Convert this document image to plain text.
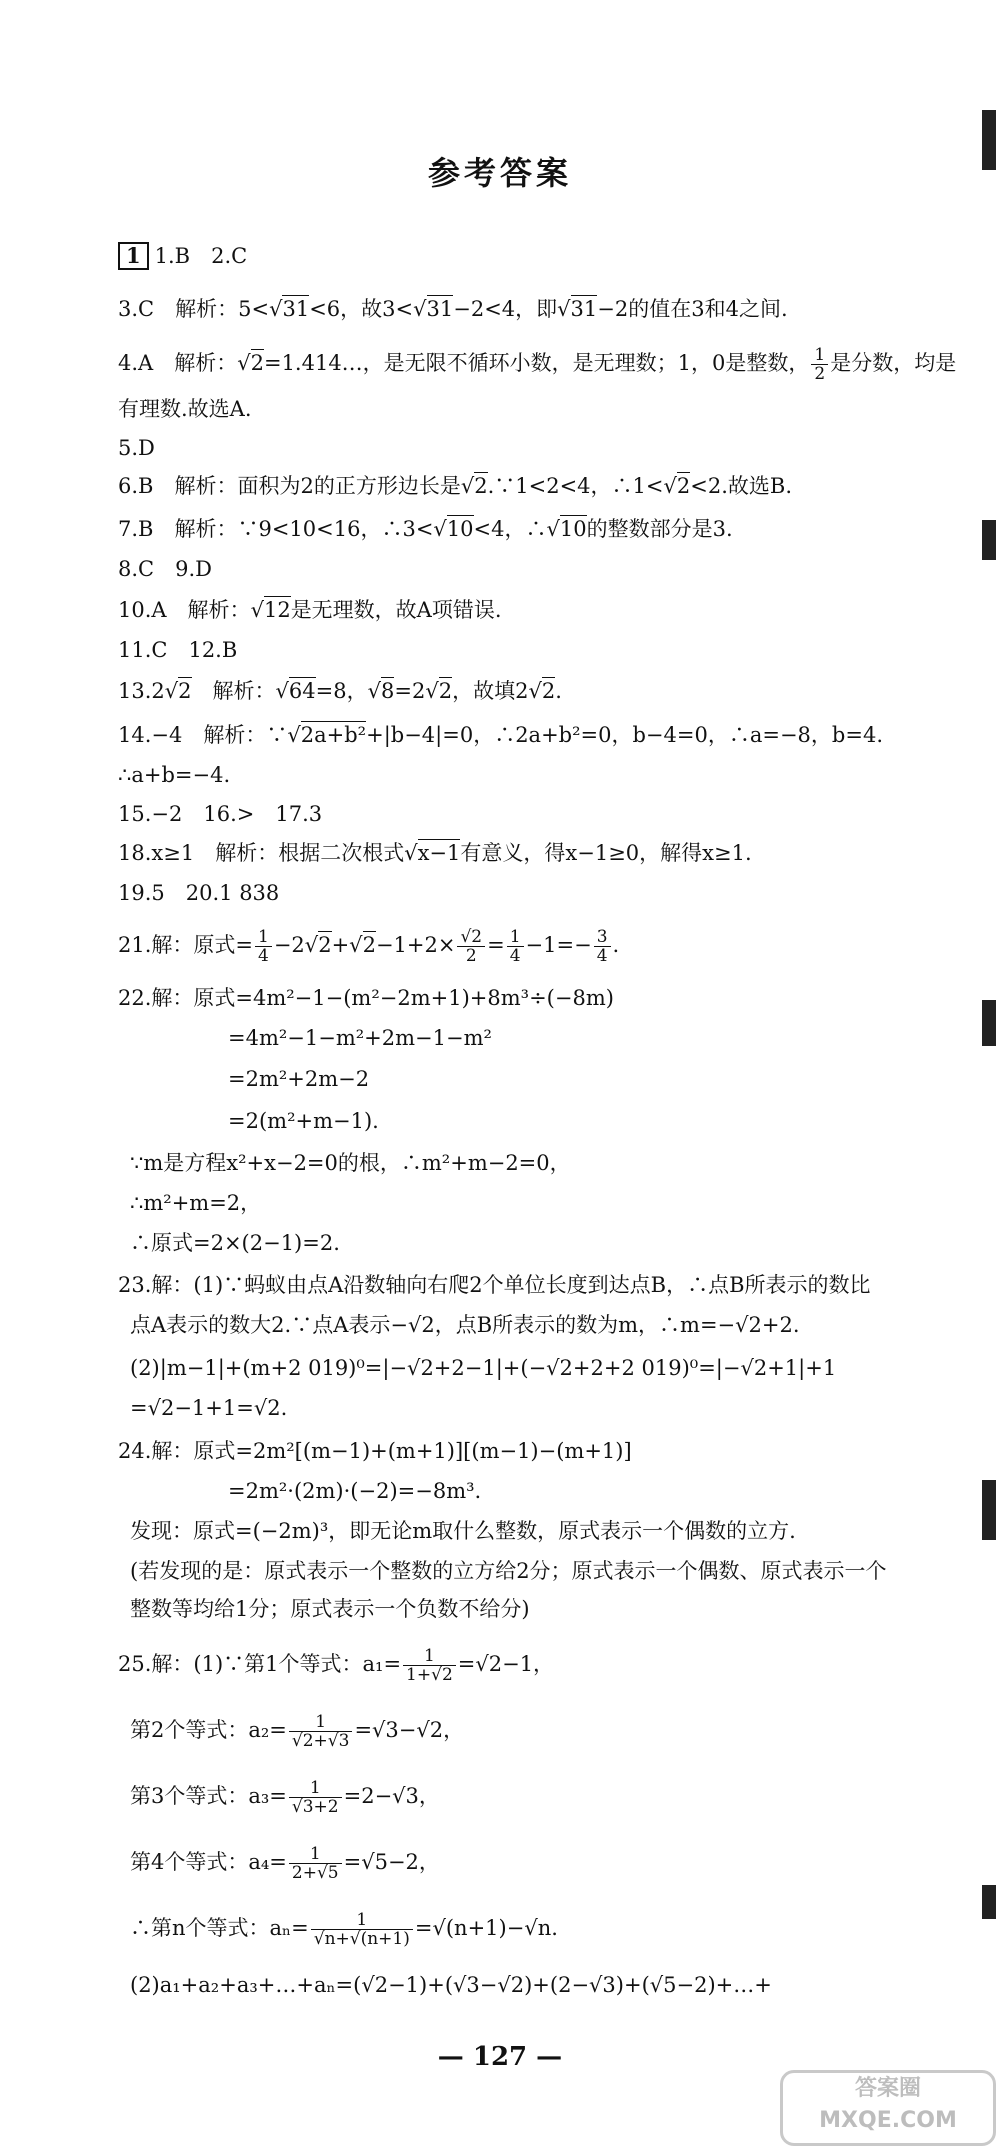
参考答案
1 1.B　2.C
3.C　解析：5<√ 31<6，故3<√ 31−2<4，即√ 31−2的值在3和4之间.
4.A　解析：√ 2=1.414…，是无限不循环小数，是无理数；1，0是整数， $\frac{1}{2}$ 是分数，均是
有理数.故选A.
5.D
6.B　解析：面积为2的正方形边长是√ 2.∵1<2<4，∴1<√ 2<2.故选B.
7.B　解析：∵9<10<16，∴3<√ 10<4，∴√ 10的整数部分是3.
8.C　9.D
10.A　解析：√ 12是无理数，故A项错误.
11.C　12.B
13.2√ 2　解析：√ 64=8，√ 8=2√ 2，故填2√ 2.
14.−4　解析：∵√ 2a+b²+|b−4|=0，∴2a+b²=0，b−4=0，∴a=−8，b=4.
∴a+b=−4.
15.−2　16.>　17.3
18.x≥1　解析：根据二次根式√ x−1有意义，得x−1≥0，解得x≥1.
19.5　20.1 838
21.解：原式= $\frac{1}{4} -2√$ 2+√ $2-1+2\times \frac{√2}{2} = \frac{1}{4} -1=- \frac{3}{4}$ .
22.解：原式=4m²−1−(m²−2m+1)+8m³÷(−8m)
=4m²−1−m²+2m−1−m²
=2m²+2m−2
=2(m²+m−1).
∵m是方程x²+x−2=0的根，∴m²+m−2=0，
∴m²+m=2，
∴原式=2×(2−1)=2.
23.解：(1)∵蚂蚁由点A沿数轴向右爬2个单位长度到达点B，∴点B所表示的数比
点A表示的数大2.∵点A表示−√2，点B所表示的数为m，∴m=−√2+2.
(2)|m−1|+(m+2 019)⁰=|−√2+2−1|+(−√2+2+2 019)⁰=|−√2+1|+1
=√2−1+1=√2.
24.解：原式=2m²[(m−1)+(m+1)][(m−1)−(m+1)]
=2m²·(2m)·(−2)=−8m³.
发现：原式=(−2m)³，即无论m取什么整数，原式表示一个偶数的立方.
(若发现的是：原式表示一个整数的立方给2分；原式表示一个偶数、原式表示一个
整数等均给1分；原式表示一个负数不给分)
25.解：(1)∵第1个等式：$a_1= \frac{1}{1+√2} =√2-1$，
第2个等式：$a_2= \frac{1}{√2+√3} =√3-√2$，
第3个等式：$a_3= \frac{1}{√3+2} =2-√3$，
第4个等式：$a_4= \frac{1}{2+√5} =√5-2$，
∴第n个等式：$a_n= \frac{1}{√n+√(n+1)} =√(n+1)-√n$.
(2)a₁+a₂+a₃+…+aₙ=(√2−1)+(√3−√2)+(2−√3)+(√5−2)+…+
— 127 —
答案圈 MXQE.COM
